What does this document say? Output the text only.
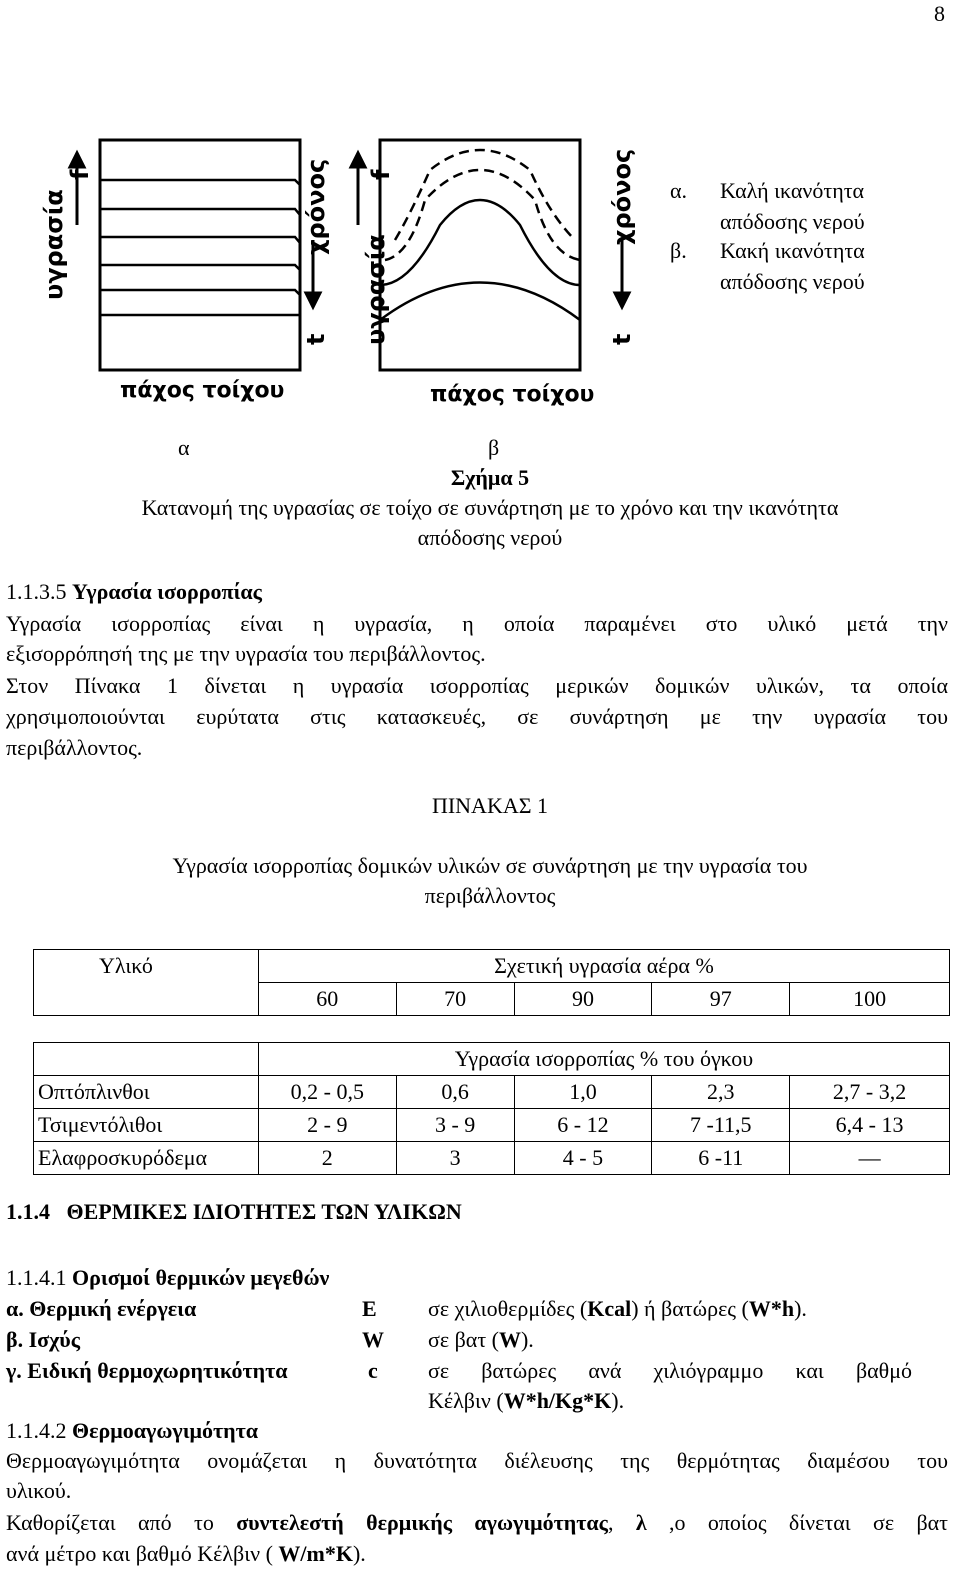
8
υγρασία
f
t
χρόνος
υγρασία
f
t
χρόνος
πάχος τοίχου	πάχος τοίχου
α. Καλή ικανότητα
απόδοσης νερού
β. Κακή ικανότητα
απόδοσης νερού
α	β
Σχήμα 5
Κατανομή της υγρασίας σε τοίχο σε συνάρτηση με το χρόνο και την ικανότητα
απόδοσης νερού
1.1.3.5 Υγρασία ισορροπίας
Υγρασία ισορροπίας είναι η υγρασία, η οποία παραμένει στο υλικό μετά την
εξισορρόπησή της με την υγρασία του περιβάλλοντος.
Στον Πίνακα 1 δίνεται η υγρασία ισορροπίας μερικών δομικών υλικών, τα οποία
χρησιμοποιούνται ευρύτατα στις κατασκευές, σε συνάρτηση με την υγρασία του
περιβάλλοντος.
ΠΙΝΑΚΑΣ 1
Υγρασία ισορροπίας δομικών υλικών σε συνάρτηση με την υγρασία του
περιβάλλοντος
Υλικό	Σχετική υγρασία αέρα %				
	60	70	90	97	100

	Υγρασία ισορροπίας % του όγκου				
Οπτόπλινθοι	0,2 - 0,5	0,6	1,0	2,3	2,7 - 3,2
Τσιμεντόλιθοι	2 - 9	3 - 9	6 - 12	7 -11,5	6,4 - 13
Ελαφροσκυρόδεμα	2	3	4 - 5	6 -11	—
1.1.4 ΘΕΡΜΙΚΕΣ ΙΔΙΟΤΗΤΕΣ ΤΩΝ ΥΛΙΚΩΝ
1.1.4.1 Ορισμοί θερμικών μεγεθών
α. Θερμική ενέργεια	E σε χιλιοθερμίδες (Kcal) ή βατώρες (W*h).
β. Ισχύς	W σε βατ (W).
γ. Ειδική θερμοχωρητικότητα	c σε βατώρες ανά χιλιόγραμμο και βαθμό
Κέλβιν (W*h/Kg*K).
1.1.4.2 Θερμοαγωγιμότητα
Θερμοαγωγιμότητα ονομάζεται η δυνατότητα διέλευσης της θερμότητας διαμέσου του
υλικού.
Καθορίζεται από το συντελεστή θερμικής αγωγιμότητας, λ ,ο οποίος δίνεται σε βατ
ανά μέτρο και βαθμό Κέλβιν ( W/m*K).
